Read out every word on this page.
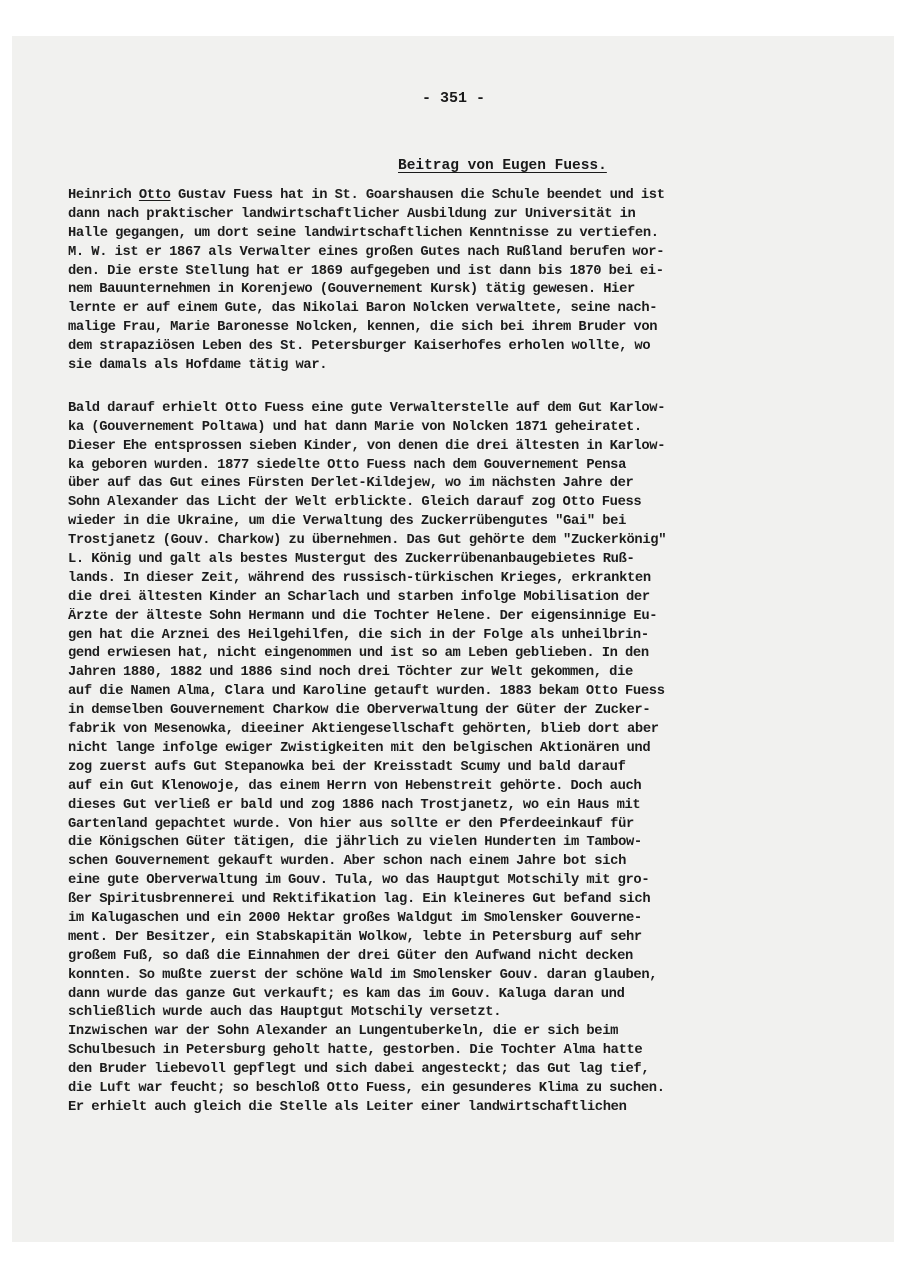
- 351 -
Beitrag von Eugen Fuess.
Heinrich Otto Gustav Fuess hat in St. Goarshausen die Schule beendet und ist
dann nach praktischer landwirtschaftlicher Ausbildung zur Universität in
Halle gegangen, um dort seine landwirtschaftlichen Kenntnisse zu vertiefen.
M. W. ist er 1867 als Verwalter eines großen Gutes nach Rußland berufen wor-
den. Die erste Stellung hat er 1869 aufgegeben und ist dann bis 1870 bei ei-
nem Bauunternehmen in Korenjewo (Gouvernement Kursk) tätig gewesen. Hier
lernte er auf einem Gute, das Nikolai Baron Nolcken verwaltete, seine nach-
malige Frau, Marie Baronesse Nolcken, kennen, die sich bei ihrem Bruder von
dem strapaziösen Leben des St. Petersburger Kaiserhofes erholen wollte, wo
sie damals als Hofdame tätig war.
Bald darauf erhielt Otto Fuess eine gute Verwalterstelle auf dem Gut Karlow-
ka (Gouvernement Poltawa) und hat dann Marie von Nolcken 1871 geheiratet.
Dieser Ehe entsprossen sieben Kinder, von denen die drei ältesten in Karlow-
ka geboren wurden. 1877 siedelte Otto Fuess nach dem Gouvernement Pensa
über auf das Gut eines Fürsten Derlet-Kildejew, wo im nächsten Jahre der
Sohn Alexander das Licht der Welt erblickte. Gleich darauf zog Otto Fuess
wieder in die Ukraine, um die Verwaltung des Zuckerrübengutes "Gai" bei
Trostjanetz (Gouv. Charkow) zu übernehmen. Das Gut gehörte dem "Zuckerkönig"
L. König und galt als bestes Mustergut des Zuckerrübenanbaugebietes Ruß-
lands. In dieser Zeit, während des russisch-türkischen Krieges, erkrankten
die drei ältesten Kinder an Scharlach und starben infolge Mobilisation der
Ärzte der älteste Sohn Hermann und die Tochter Helene. Der eigensinnige Eu-
gen hat die Arznei des Heilgehilfen, die sich in der Folge als unheilbrin-
gend erwiesen hat, nicht eingenommen und ist so am Leben geblieben. In den
Jahren 1880, 1882 und 1886 sind noch drei Töchter zur Welt gekommen, die
auf die Namen Alma, Clara und Karoline getauft wurden. 1883 bekam Otto Fuess
in demselben Gouvernement Charkow die Oberverwaltung der Güter der Zucker-
fabrik von Mesenowka, dieeiner Aktiengesellschaft gehörten, blieb dort aber
nicht lange infolge ewiger Zwistigkeiten mit den belgischen Aktionären und
zog zuerst aufs Gut Stepanowka bei der Kreisstadt Scumy und bald darauf
auf ein Gut Klenowoje, das einem Herrn von Hebenstreit gehörte. Doch auch
dieses Gut verließ er bald und zog 1886 nach Trostjanetz, wo ein Haus mit
Gartenland gepachtet wurde. Von hier aus sollte er den Pferdeeinkauf für
die Königschen Güter tätigen, die jährlich zu vielen Hunderten im Tambow-
schen Gouvernement gekauft wurden. Aber schon nach einem Jahre bot sich
eine gute Oberverwaltung im Gouv. Tula, wo das Hauptgut Motschily mit gro-
ßer Spiritusbrennerei und Rektifikation lag. Ein kleineres Gut befand sich
im Kalugaschen und ein 2000 Hektar großes Waldgut im Smolensker Gouverne-
ment. Der Besitzer, ein Stabskapitän Wolkow, lebte in Petersburg auf sehr
großem Fuß, so daß die Einnahmen der drei Güter den Aufwand nicht decken
konnten. So mußte zuerst der schöne Wald im Smolensker Gouv. daran glauben,
dann wurde das ganze Gut verkauft; es kam das im Gouv. Kaluga daran und
schließlich wurde auch das Hauptgut Motschily versetzt.
Inzwischen war der Sohn Alexander an Lungentuberkeln, die er sich beim
Schulbesuch in Petersburg geholt hatte, gestorben. Die Tochter Alma hatte
den Bruder liebevoll gepflegt und sich dabei angesteckt; das Gut lag tief,
die Luft war feucht; so beschloß Otto Fuess, ein gesunderes Klima zu suchen.
Er erhielt auch gleich die Stelle als Leiter einer landwirtschaftlichen
